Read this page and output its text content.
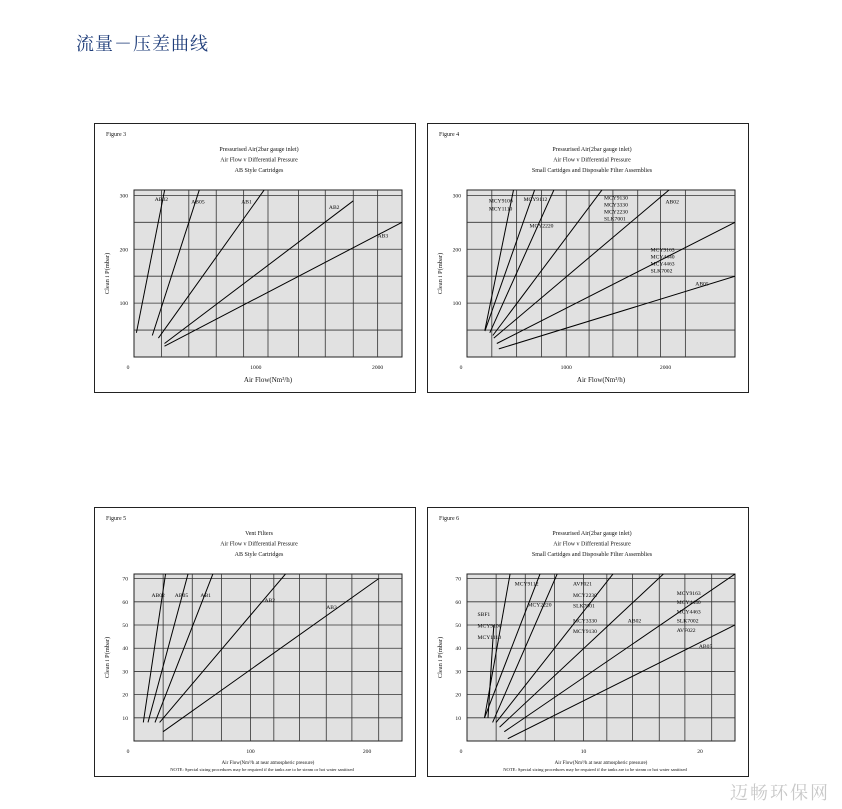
流量－压差曲线
Figure 3
Pressurised Air(2bar gauge inlet)
Air Flow v Differential Pressure
AB Style Cartridges
AB02	AB05	AB1
AB2
AB3
100
200
300
0	1000	2000
Clean i P(mbar)
Air Flow(Nm³/h)
Figure 4
Pressurised Air(2bar gauge inlet)
Air Flow v Differential Pressure
Small Cartidges and Disposable Filter Assemblies
MCY9106
MCY1110
MCY9112
MCY2220
MCY9130
MCY3330
MCY2230
SLK7001
AB02
MCY9163
MCY4440
MCY4463
SLK7002
AB05
100
200
300
0	1000	2000
Clean i P(mbar)
Air Flow(Nm³/h)
Figure 5
Vent Filters
Air Flow v Differential Pressure
AB Style Cartridges
AB02 AB05 AB1
AB2
AB3
10
20
30
40
50
60
70
0	100	200
Clean i P(mbar)
Air Flow(Nm³/h at near atmospheric pressure)
NOTE: Special sizing procedures may be required if the tanks are to be steam or hot water sanitised
Figure 6
Pressurised Air(2bar gauge inlet)
Air Flow v Differential Pressure
Small Cartidges and Disposable Filter Assemblies
MCY9112
MCY2220
SBF1
MCY9106
MCY1110
AVF021
MCY2230
SLK7001
MCY3330
MCY9130
AB02
MCY9163
MCY4440
MCY4463
SLK7002
AVF022
AB05
10
20
30
40
50
60
70
0	10	20
Clean i P(mbar)
Air Flow(Nm³/h at near atmospheric pressure)
NOTE: Special sizing procedures may be required if the tanks are to be steam or hot water sanitised
迈畅环保网
